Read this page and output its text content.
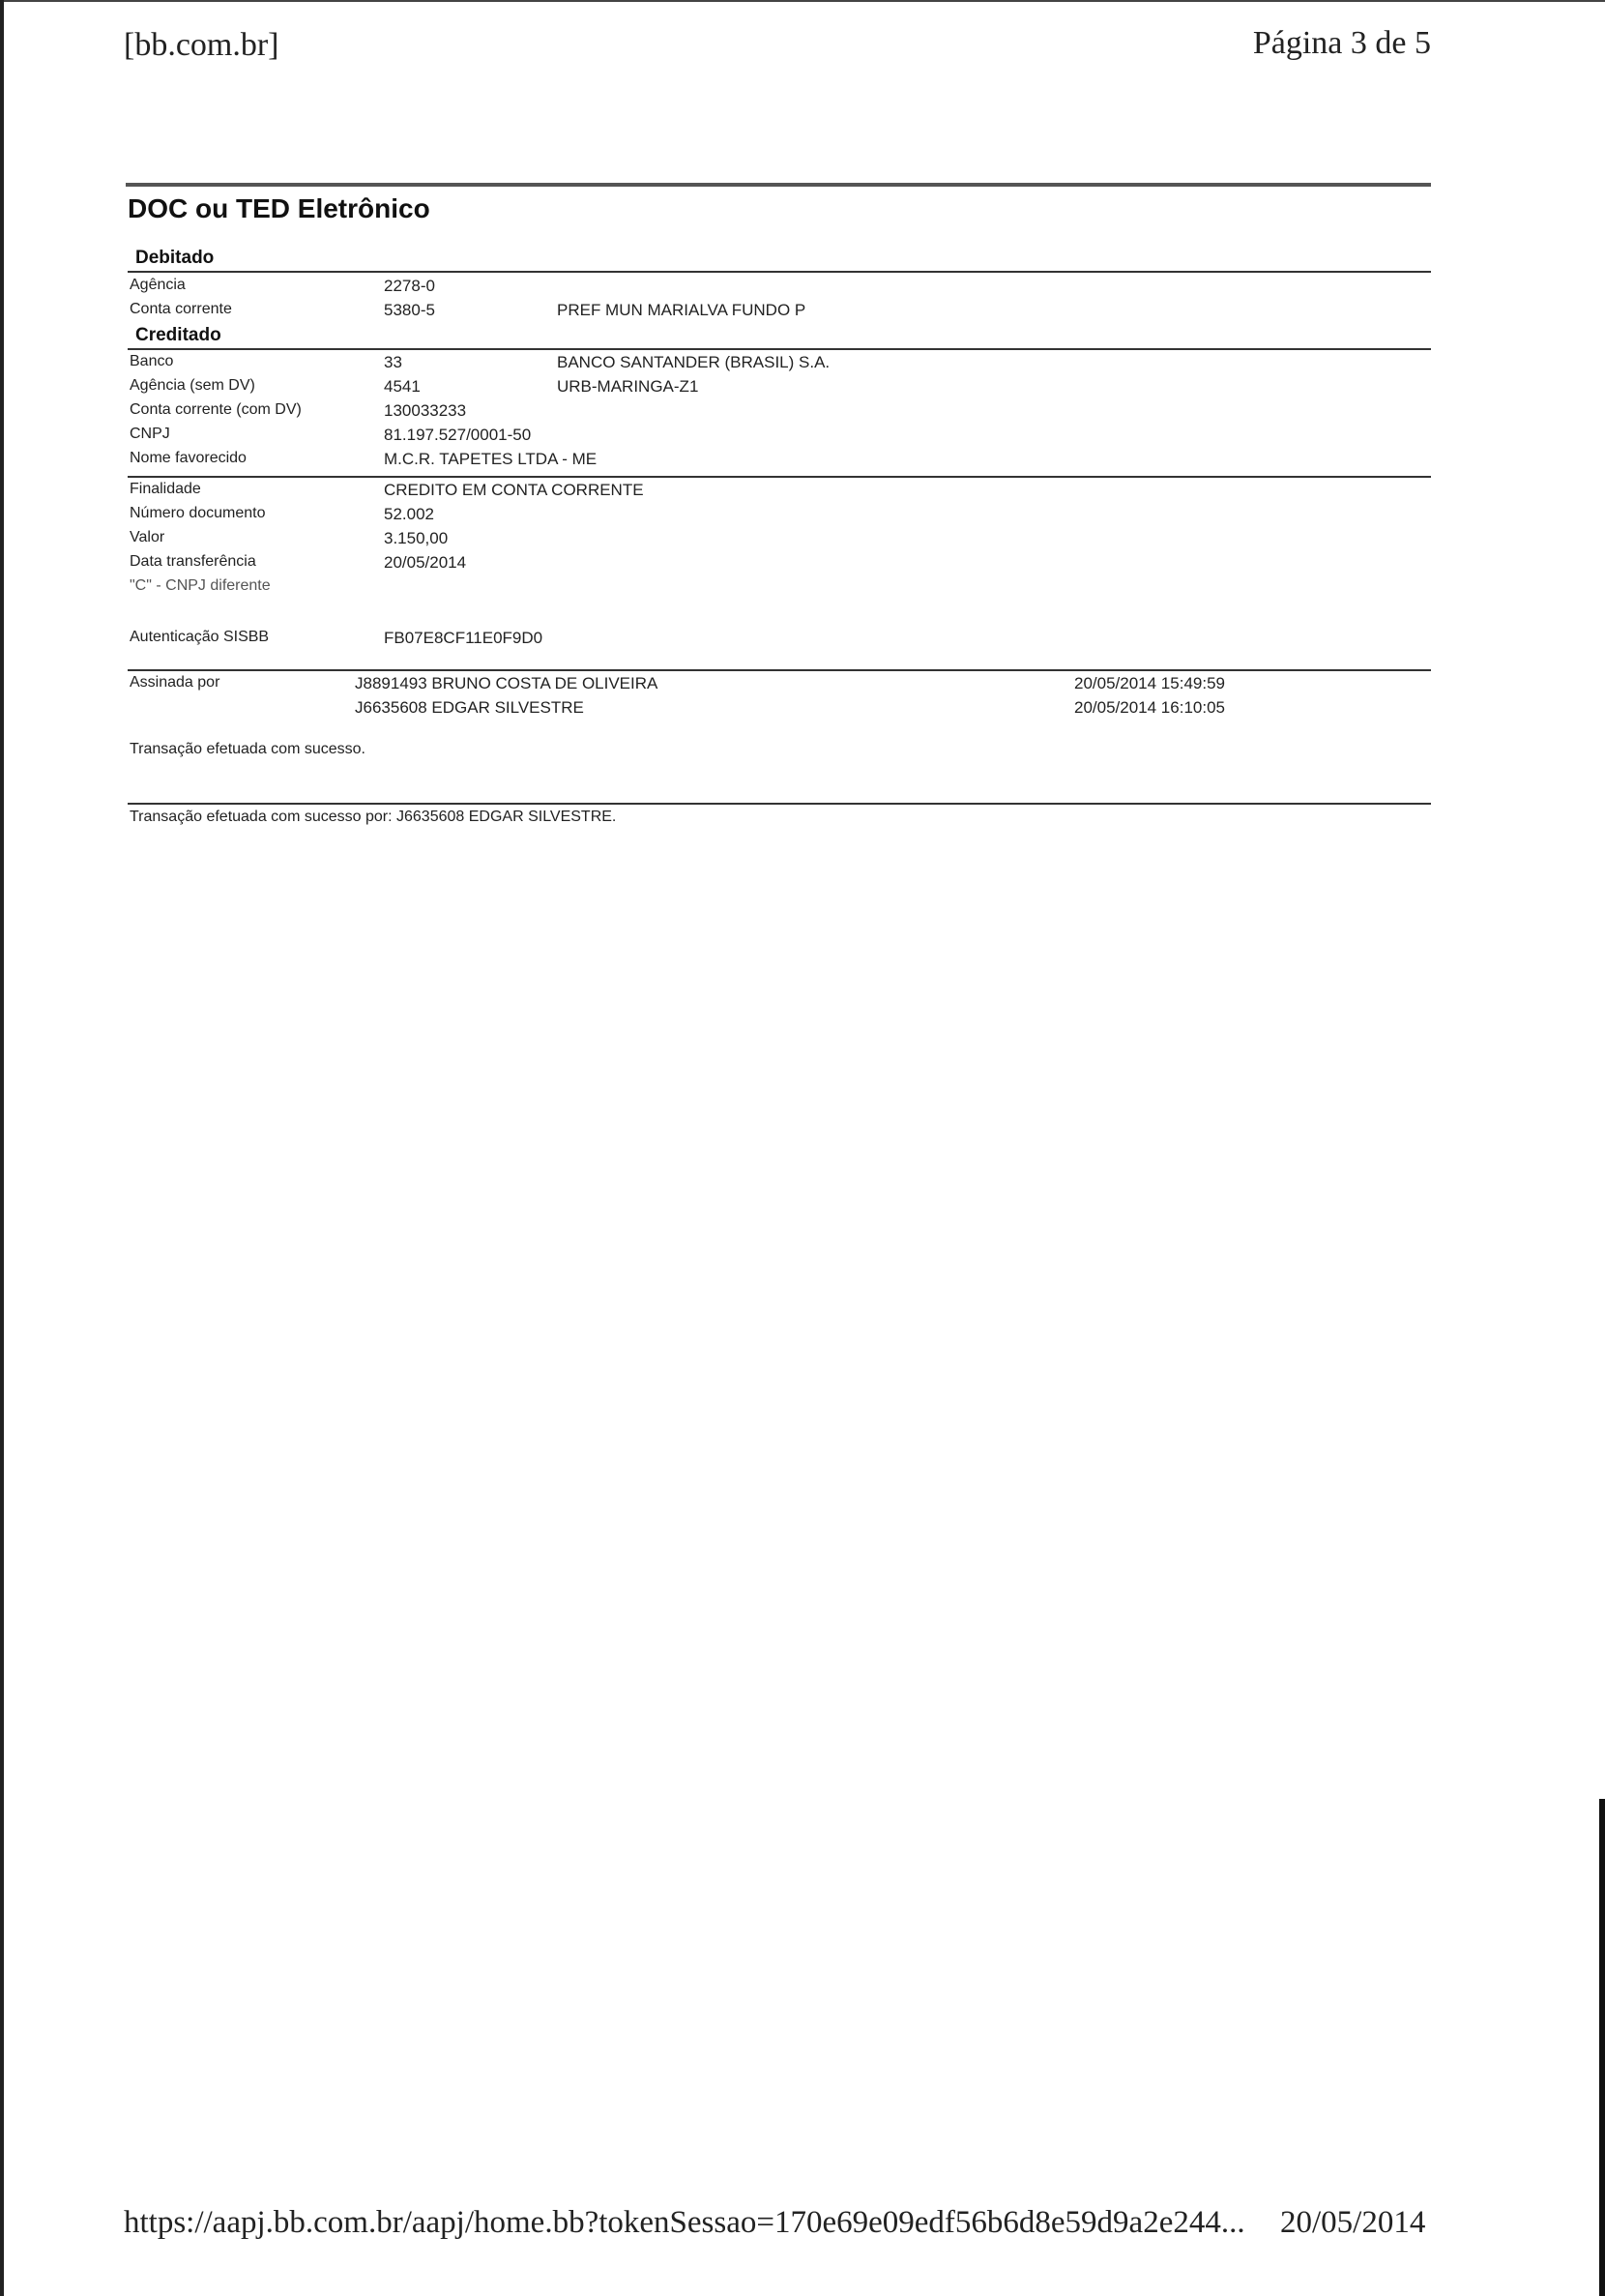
[bb.com.br]	Página 3 de 5
DOC ou TED Eletrônico
Debitado
Agência	2278-0
Conta corrente	5380-5	PREF MUN MARIALVA FUNDO P
Creditado
Banco	33	BANCO SANTANDER (BRASIL) S.A.
Agência (sem DV)	4541	URB-MARINGA-Z1
Conta corrente (com DV)	130033233
CNPJ	81.197.527/0001-50
Nome favorecido	M.C.R. TAPETES LTDA - ME
Finalidade	CREDITO EM CONTA CORRENTE
Número documento	52.002
Valor	3.150,00
Data transferência	20/05/2014
"C" - CNPJ diferente
Autenticação SISBB	FB07E8CF11E0F9D0
Assinada por	J8891493 BRUNO COSTA DE OLIVEIRA	20/05/2014 15:49:59
J6635608 EDGAR SILVESTRE	20/05/2014 16:10:05
Transação efetuada com sucesso.
Transação efetuada com sucesso por: J6635608 EDGAR SILVESTRE.
https://aapj.bb.com.br/aapj/home.bb?tokenSessao=170e69e09edf56b6d8e59d9a2e244... 20/05/2014
